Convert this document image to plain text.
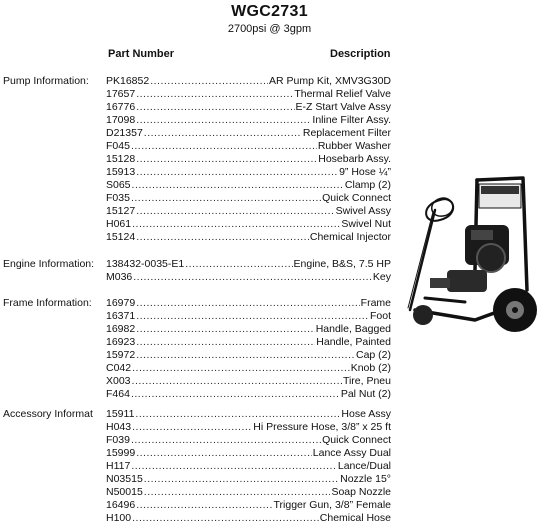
WGC2731
2700psi @ 3gpm
Part Number	Description
Pump Information:	PK16852 .....	AR Pump Kit, XMV3G30D
17657 .....	Thermal Relief Valve
16776 .....	E-Z Start Valve Assy
17098 .....	Inline Filter Assy.
D21357 .....	Replacement Filter
F045 .....	Rubber Washer
15128 .....	Hosebarb Assy.
15913 .....	9” Hose ¼”
S065 .....	Clamp (2)
F035 .....	Quick Connect
15127 .....	Swivel Assy
H061 .....	Swivel Nut
15124 .....	Chemical Injector
Engine Information:	138432-0035-E1 .....	Engine, B&S, 7.5 HP
M036 .....	Key
Frame Information:	16979 .....	Frame
16371 .....	Foot
16982 .....	Handle, Bagged
16923 .....	Handle, Painted
15972 .....	Cap (2)
C042 .....	Knob (2)
X003 .....	Tire, Pneu
F464 .....	Pal Nut (2)
Accessory Informat	15911 .....	Hose Assy
H043 .....	Hi Pressure Hose, 3/8” x 25 ft
F039 .....	Quick Connect
15999 .....	Lance Assy Dual
H117 .....	Lance/Dual
N03515 .....	Nozzle 15°
N50015 .....	Soap Nozzle
16496 .....	Trigger Gun, 3/8” Female
H100 .....	Chemical Hose
